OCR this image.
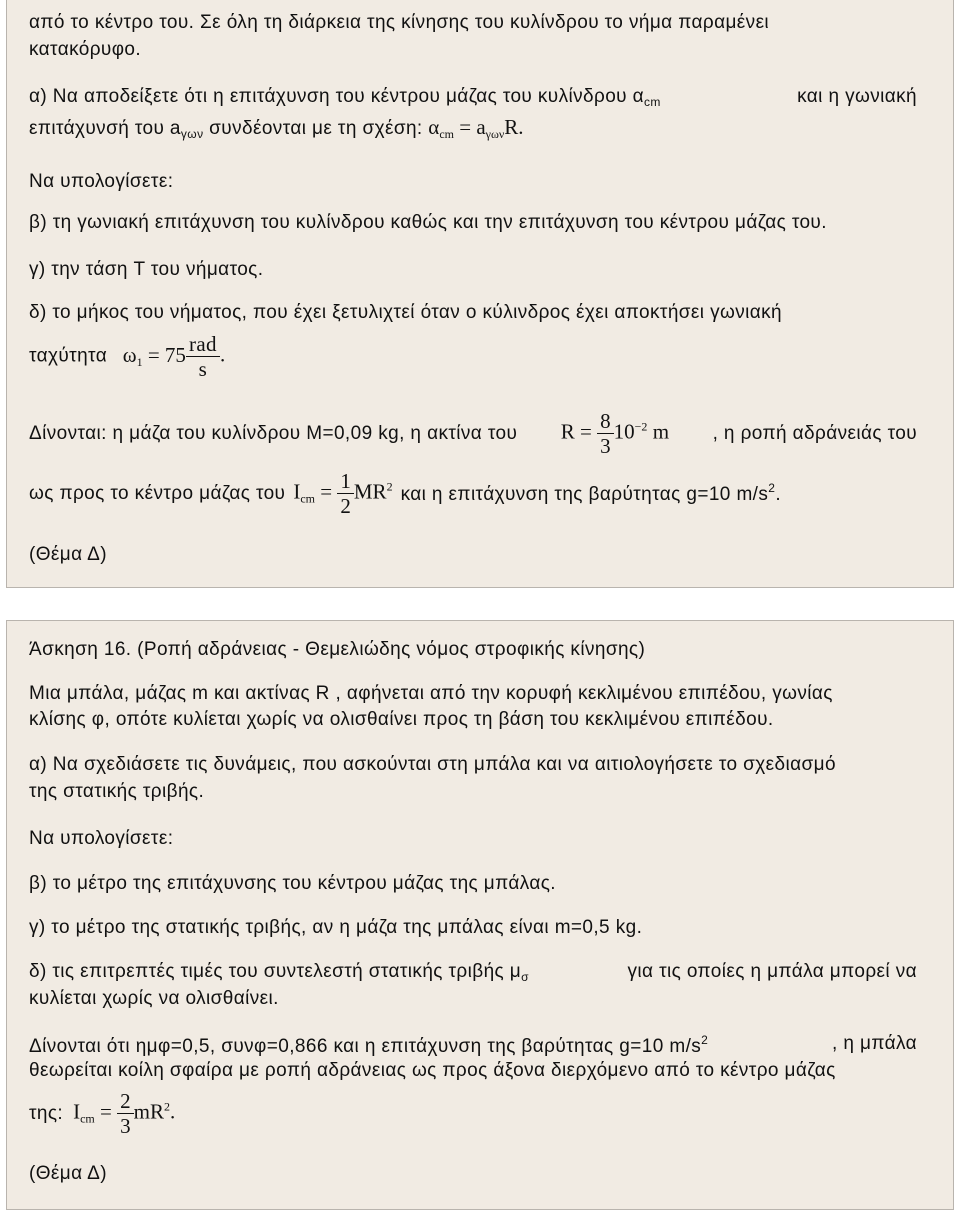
από το κέντρο του. Σε όλη τη διάρκεια της κίνησης του κυλίνδρου το νήμα παραμένει
κατακόρυφο.
α) Να αποδείξετε ότι η επιτάχυνση του κέντρου μάζας του κυλίνδρου $\alpha_{cm}$	και η γωνιακή
επιτάχυνσή του $a_{\gamma\omega\nu}$ συνδέονται με τη σχέση: $\alpha_{cm} = a_{\gamma\omega\nu}R$.
Να υπολογίσετε:
β) τη γωνιακή επιτάχυνση του κυλίνδρου καθώς και την επιτάχυνση του κέντρου μάζας του.
γ) την τάση T του νήματος.
δ) το μήκος του νήματος, που έχει ξετυλιχτεί όταν ο κύλινδρος έχει αποκτήσει γωνιακή
ταχύτητα $\omega_1 = 75 \frac{\text{rad}}{s}$ .
Δίνονται: η μάζα του κυλίνδρου M=0,09 kg, η ακτίνα του $R = \frac{8}{3} 10^{-2}$ m , η ροπή αδράνειάς του
ως προς το κέντρο μάζας του $I_{cm} = \frac{1}{2} MR^2$ και η επιτάχυνση της βαρύτητας g=10 $m/s^2$.
(Θέμα Δ)
Άσκηση 16. (Ροπή αδράνειας - Θεμελιώδης νόμος στροφικής κίνησης)
Μια μπάλα, μάζας m και ακτίνας R , αφήνεται από την κορυφή κεκλιμένου επιπέδου, γωνίας
κλίσης φ, οπότε κυλίεται χωρίς να ολισθαίνει προς τη βάση του κεκλιμένου επιπέδου.
α) Να σχεδιάσετε τις δυνάμεις, που ασκούνται στη μπάλα και να αιτιολογήσετε το σχεδιασμό
της στατικής τριβής.
Να υπολογίσετε:
β) το μέτρο της επιτάχυνσης του κέντρου μάζας της μπάλας.
γ) το μέτρο της στατικής τριβής, αν η μάζα της μπάλας είναι m=0,5 kg.
δ) τις επιτρεπτές τιμές του συντελεστή στατικής τριβής $\mu_\sigma$	για τις οποίες η μπάλα μπορεί να
κυλίεται χωρίς να ολισθαίνει.
Δίνονται ότι ημφ=0,5, συνφ=0,866 και η επιτάχυνση της βαρύτητας g=10 $m/s^2$	, η μπάλα
θεωρείται κοίλη σφαίρα με ροπή αδράνειας ως προς άξονα διερχόμενο από το κέντρο μάζας
της: $I_{cm} = \frac{2}{3} mR^2$.
(Θέμα Δ)
